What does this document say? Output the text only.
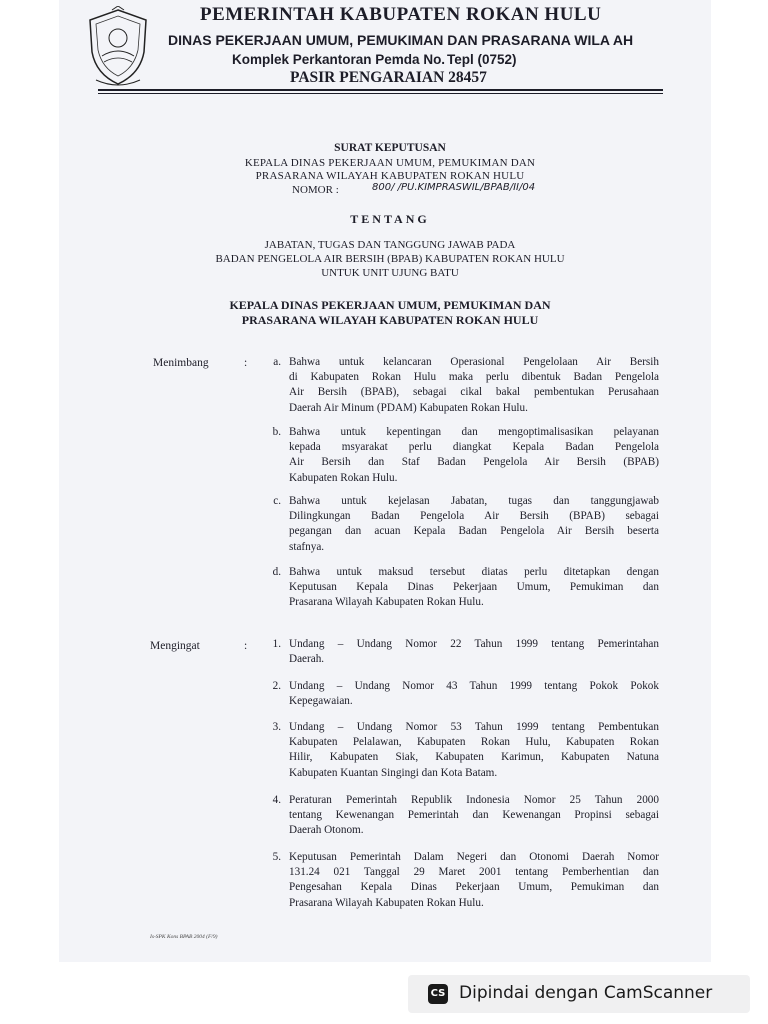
PEMERINTAH KABUPATEN ROKAN HULU
DINAS PEKERJAAN UMUM, PEMUKIMAN DAN PRASARANA WILA AH
Komplek Perkantoran Pemda No. Tepl (0752)
PASIR PENGARAIAN 28457
SURAT KEPUTUSAN
KEPALA DINAS PEKERJAAN UMUM, PEMUKIMAN DAN
PRASARANA WILAYAH KABUPATEN ROKAN HULU
NOMOR :	800/ /PU.KIMPRASWIL/BPAB/II/04
TENTANG
JABATAN, TUGAS DAN TANGGUNG JAWAB PADA
BADAN PENGELOLA AIR BERSIH (BPAB) KABUPATEN ROKAN HULU
UNTUK UNIT UJUNG BATU
KEPALA DINAS PEKERJAAN UMUM, PEMUKIMAN DAN
PRASARANA WILAYAH KABUPATEN ROKAN HULU
Menimbang	:	a. Bahwa untuk kelancaran Operasional Pengelolaan Air Bersih
di Kabupaten Rokan Hulu maka perlu dibentuk Badan Pengelola
Air Bersih (BPAB), sebagai cikal bakal pembentukan Perusahaan
Daerah Air Minum (PDAM) Kabupaten Rokan Hulu.
b. Bahwa untuk kepentingan dan mengoptimalisasikan pelayanan
kepada msyarakat perlu diangkat Kepala Badan Pengelola
Air Bersih dan Staf Badan Pengelola Air Bersih (BPAB)
Kabupaten Rokan Hulu.
c. Bahwa untuk kejelasan Jabatan, tugas dan tanggungjawab
Dilingkungan Badan Pengelola Air Bersih (BPAB) sebagai
pegangan dan acuan Kepala Badan Pengelola Air Bersih beserta
stafnya.
d. Bahwa untuk maksud tersebut diatas perlu ditetapkan dengan
Keputusan Kepala Dinas Pekerjaan Umum, Pemukiman dan
Prasarana Wilayah Kabupaten Rokan Hulu.
Mengingat	:	1. Undang – Undang Nomor 22 Tahun 1999 tentang Pemerintahan
Daerah.
2. Undang – Undang Nomor 43 Tahun 1999 tentang Pokok Pokok
Kepegawaian.
3. Undang – Undang Nomor 53 Tahun 1999 tentang Pembentukan
Kabupaten Pelalawan, Kabupaten Rokan Hulu, Kabupaten Rokan
Hilir, Kabupaten Siak, Kabupaten Karimun, Kabupaten Natuna
Kabupaten Kuantan Singingi dan Kota Batam.
4. Peraturan Pemerintah Republik Indonesia Nomor 25 Tahun 2000
tentang Kewenangan Pemerintah dan Kewenangan Propinsi sebagai
Daerah Otonom.
5. Keputusan Pemerintah Dalam Negeri dan Otonomi Daerah Nomor
131.24 021 Tanggal 29 Maret 2001 tentang Pemberhentian dan
Pengesahan Kepala Dinas Pekerjaan Umum, Pemukiman dan
Prasarana Wilayah Kabupaten Rokan Hulu.
Is-SPK Kons BPAB 2004 (F/9)
CS Dipindai dengan CamScanner
